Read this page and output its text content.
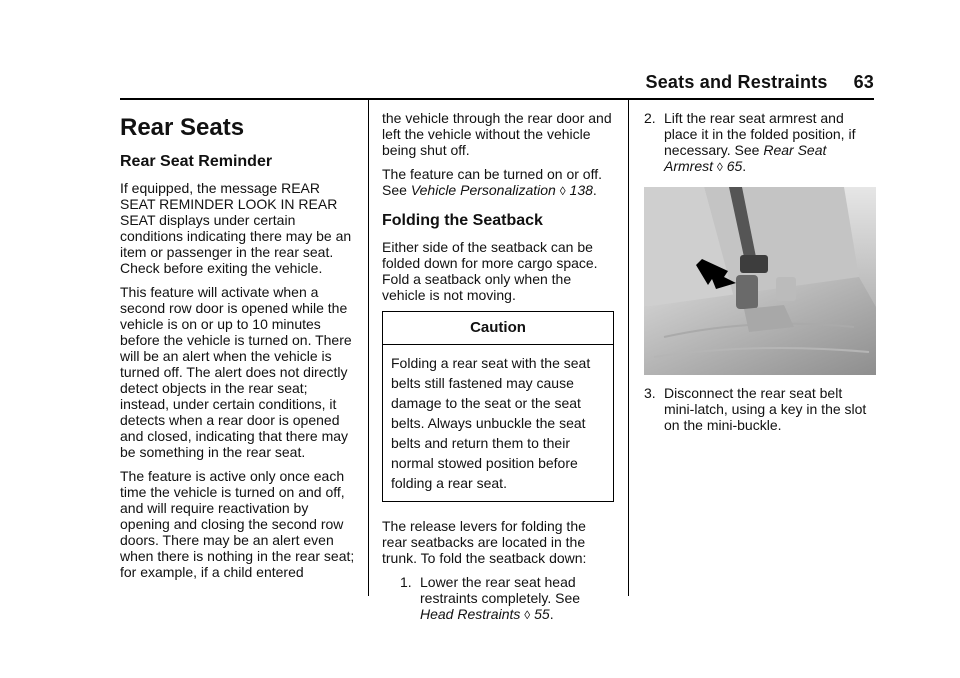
Seats and Restraints 63
Rear Seats
Rear Seat Reminder

If equipped, the message REAR SEAT REMINDER LOOK IN REAR SEAT displays under certain conditions indicating there may be an item or passenger in the rear seat. Check before exiting the vehicle.

This feature will activate when a second row door is opened while the vehicle is on or up to 10 minutes before the vehicle is turned on. There will be an alert when the vehicle is turned off. The alert does not directly detect objects in the rear seat; instead, under certain conditions, it detects when a rear door is opened and closed, indicating that there may be something in the rear seat.

The feature is active only once each time the vehicle is turned on and off, and will require reactivation by opening and closing the second row doors. There may be an alert even when there is nothing in the rear seat; for example, if a child entered

the vehicle through the rear door and left the vehicle without the vehicle being shut off.

The feature can be turned on or off. See Vehicle Personalization ◊ 138.

Folding the Seatback

Either side of the seatback can be folded down for more cargo space. Fold a seatback only when the vehicle is not moving.

Caution
Folding a rear seat with the seat belts still fastened may cause damage to the seat or the seat belts. Always unbuckle the seat belts and return them to their normal stowed position before folding a rear seat.

The release levers for folding the rear seatbacks are located in the trunk. To fold the seatback down:

1. Lower the rear seat head restraints completely. See Head Restraints ◊ 55.
2. Lift the rear seat armrest and place it in the folded position, if necessary. See Rear Seat Armrest ◊ 65.
3. Disconnect the rear seat belt mini-latch, using a key in the slot on the mini-buckle.
